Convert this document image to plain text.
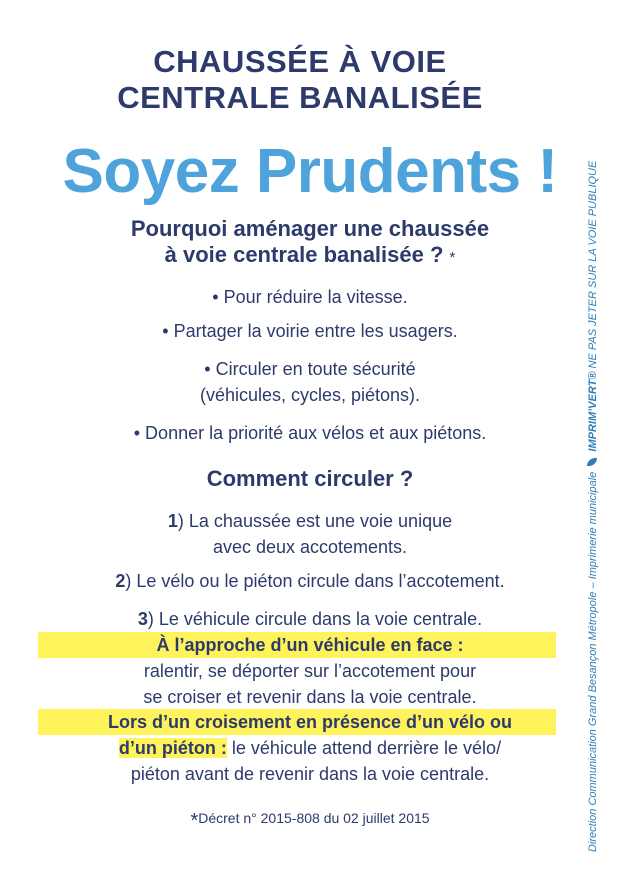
CHAUSSÉE À VOIE
CENTRALE BANALISÉE
Soyez Prudents !
Pourquoi aménager une chaussée
à voie centrale banalisée ? *
• Pour réduire la vitesse.
• Partager la voirie entre les usagers.
• Circuler en toute sécurité
(véhicules, cycles, piétons).
• Donner la priorité aux vélos et aux piétons.
Comment circuler ?
1) La chaussée est une voie unique
avec deux accotements.
2) Le vélo ou le piéton circule dans l’accotement.
3) Le véhicule circule dans la voie centrale.
À l’approche d’un véhicule en face :
ralentir, se déporter sur l’accotement pour
se croiser et revenir dans la voie centrale.
Lors d’un croisement en présence d’un vélo ou
d’un piéton : le véhicule attend derrière le vélo/
piéton avant de revenir dans la voie centrale.
*Décret n° 2015-808 du 02 juillet 2015	Direction Communication Grand Besançon Métropole – Imprimerie municipale  IMPRIM’VERT® NE PAS JETER SUR LA VOIE PUBLIQUE
